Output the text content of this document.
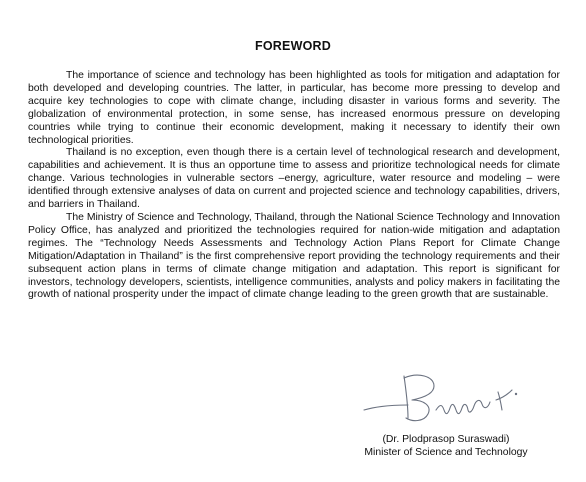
FOREWORD

The importance of science and technology has been highlighted as tools for mitigation and adaptation for both developed and developing countries. The latter, in particular, has become more pressing to develop and acquire key technologies to cope with climate change, including disaster in various forms and severity. The globalization of environmental protection, in some sense, has increased enormous pressure on developing countries while trying to continue their economic development, making it necessary to identify their own technological priorities.

Thailand is no exception, even though there is a certain level of technological research and development, capabilities and achievement. It is thus an opportune time to assess and prioritize technological needs for climate change. Various technologies in vulnerable sectors –energy, agriculture, water resource and modeling – were identified through extensive analyses of data on current and projected science and technology capabilities, drivers, and barriers in Thailand.

The Ministry of Science and Technology, Thailand, through the National Science Technology and Innovation Policy Office, has analyzed and prioritized the technologies required for nation-wide mitigation and adaptation regimes. The “Technology Needs Assessments and Technology Action Plans Report for Climate Change Mitigation/Adaptation in Thailand” is the first comprehensive report providing the technology requirements and their subsequent action plans in terms of climate change mitigation and adaptation. This report is significant for investors, technology developers, scientists, intelligence communities, analysts and policy makers in facilitating the growth of national prosperity under the impact of climate change leading to the green growth that are sustainable.

(Dr. Plodprasop Suraswadi)
Minister of Science and Technology
